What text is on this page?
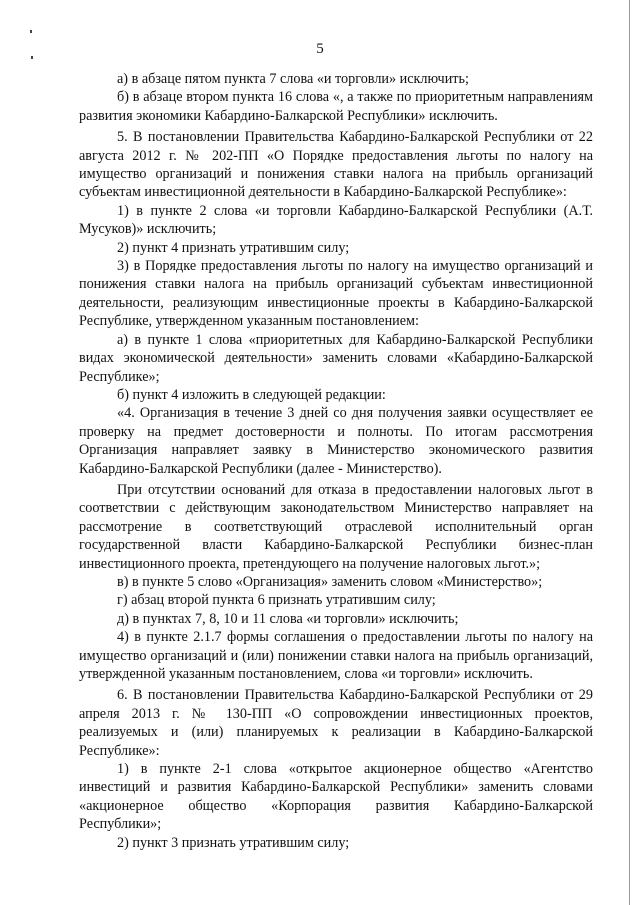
5

а) в абзаце пятом пункта 7 слова «и торговли» исключить;

б) в абзаце втором пункта 16 слова «, а также по приоритетным направлениям развития экономики Кабардино-Балкарской Республики» исключить.

5. В постановлении Правительства Кабардино-Балкарской Республики от 22 августа 2012 г. № 202-ПП «О Порядке предоставления льготы по налогу на имущество организаций и понижения ставки налога на прибыль организаций субъектам инвестиционной деятельности в Кабардино-Балкарской Республике»:

1) в пункте 2 слова «и торговли Кабардино-Балкарской Республики (А.Т. Мусуков)» исключить;

2) пункт 4 признать утратившим силу;

3) в Порядке предоставления льготы по налогу на имущество организаций и понижения ставки налога на прибыль организаций субъектам инвестиционной деятельности, реализующим инвестиционные проекты в Кабардино-Балкарской Республике, утвержденном указанным постановлением:

а) в пункте 1 слова «приоритетных для Кабардино-Балкарской Республики видах экономической деятельности» заменить словами «Кабардино-Балкарской Республике»;

б) пункт 4 изложить в следующей редакции:

«4. Организация в течение 3 дней со дня получения заявки осуществляет ее проверку на предмет достоверности и полноты. По итогам рассмотрения Организация направляет заявку в Министерство экономического развития Кабардино-Балкарской Республики (далее - Министерство).

При отсутствии оснований для отказа в предоставлении налоговых льгот в соответствии с действующим законодательством Министерство направляет на рассмотрение в соответствующий отраслевой исполнительный орган государственной власти Кабардино-Балкарской Республики бизнес-план инвестиционного проекта, претендующего на получение налоговых льгот.»;

в) в пункте 5 слово «Организация» заменить словом «Министерство»;

г) абзац второй пункта 6 признать утратившим силу;

д) в пунктах 7, 8, 10 и 11 слова «и торговли» исключить;

4) в пункте 2.1.7 формы соглашения о предоставлении льготы по налогу на имущество организаций и (или) понижении ставки налога на прибыль организаций, утвержденной указанным постановлением, слова «и торговли» исключить.

6. В постановлении Правительства Кабардино-Балкарской Республики от 29 апреля 2013 г. № 130-ПП «О сопровождении инвестиционных проектов, реализуемых и (или) планируемых к реализации в Кабардино-Балкарской Республике»:

1) в пункте 2-1 слова «открытое акционерное общество «Агентство инвестиций и развития Кабардино-Балкарской Республики» заменить словами «акционерное общество «Корпорация развития Кабардино-Балкарской Республики»;

2) пункт 3 признать утратившим силу;
